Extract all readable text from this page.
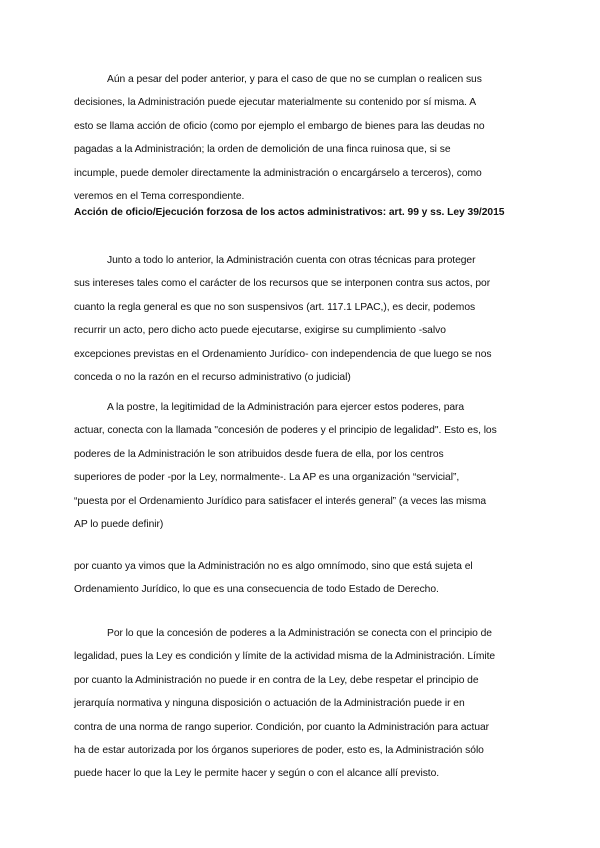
Aún a pesar del poder anterior, y para el caso de que no se cumplan o realicen sus
decisiones, la Administración puede ejecutar materialmente su contenido por sí misma. A
esto se llama acción de oficio (como por ejemplo el embargo de bienes para las deudas no
pagadas a la Administración; la orden de demolición de una finca ruinosa que, si se
incumple, puede demoler directamente la administración o encargárselo a terceros), como
veremos en el Tema correspondiente.
Acción de oficio/Ejecución forzosa de los actos administrativos: art. 99 y ss. Ley 39/2015
Junto a todo lo anterior, la Administración cuenta con otras técnicas para proteger
sus intereses tales como el carácter de los recursos que se interponen contra sus actos, por
cuanto la regla general es que no son suspensivos (art. 117.1 LPAC,), es decir, podemos
recurrir un acto, pero dicho acto puede ejecutarse, exigirse su cumplimiento -salvo
excepciones previstas en el Ordenamiento Jurídico- con independencia de que luego se nos
conceda o no la razón en el recurso administrativo (o judicial)
A la postre, la legitimidad de la Administración para ejercer estos poderes, para
actuar, conecta con la llamada "concesión de poderes y el principio de legalidad". Esto es, los
poderes de la Administración le son atribuidos desde fuera de ella, por los centros
superiores de poder -por la Ley, normalmente-. La AP es una organización “servicial”,
“puesta por el Ordenamiento Jurídico para satisfacer el interés general” (a veces las misma
AP lo puede definir)
por cuanto ya vimos que la Administración no es algo omnímodo, sino que está sujeta el
Ordenamiento Jurídico, lo que es una consecuencia de todo Estado de Derecho.
Por lo que la concesión de poderes a la Administración se conecta con el principio de
legalidad, pues la Ley es condición y límite de la actividad misma de la Administración. Límite
por cuanto la Administración no puede ir en contra de la Ley, debe respetar el principio de
jerarquía normativa y ninguna disposición o actuación de la Administración puede ir en
contra de una norma de rango superior. Condición, por cuanto la Administración para actuar
ha de estar autorizada por los órganos superiores de poder, esto es, la Administración sólo
puede hacer lo que la Ley le permite hacer y según o con el alcance allí previsto.
